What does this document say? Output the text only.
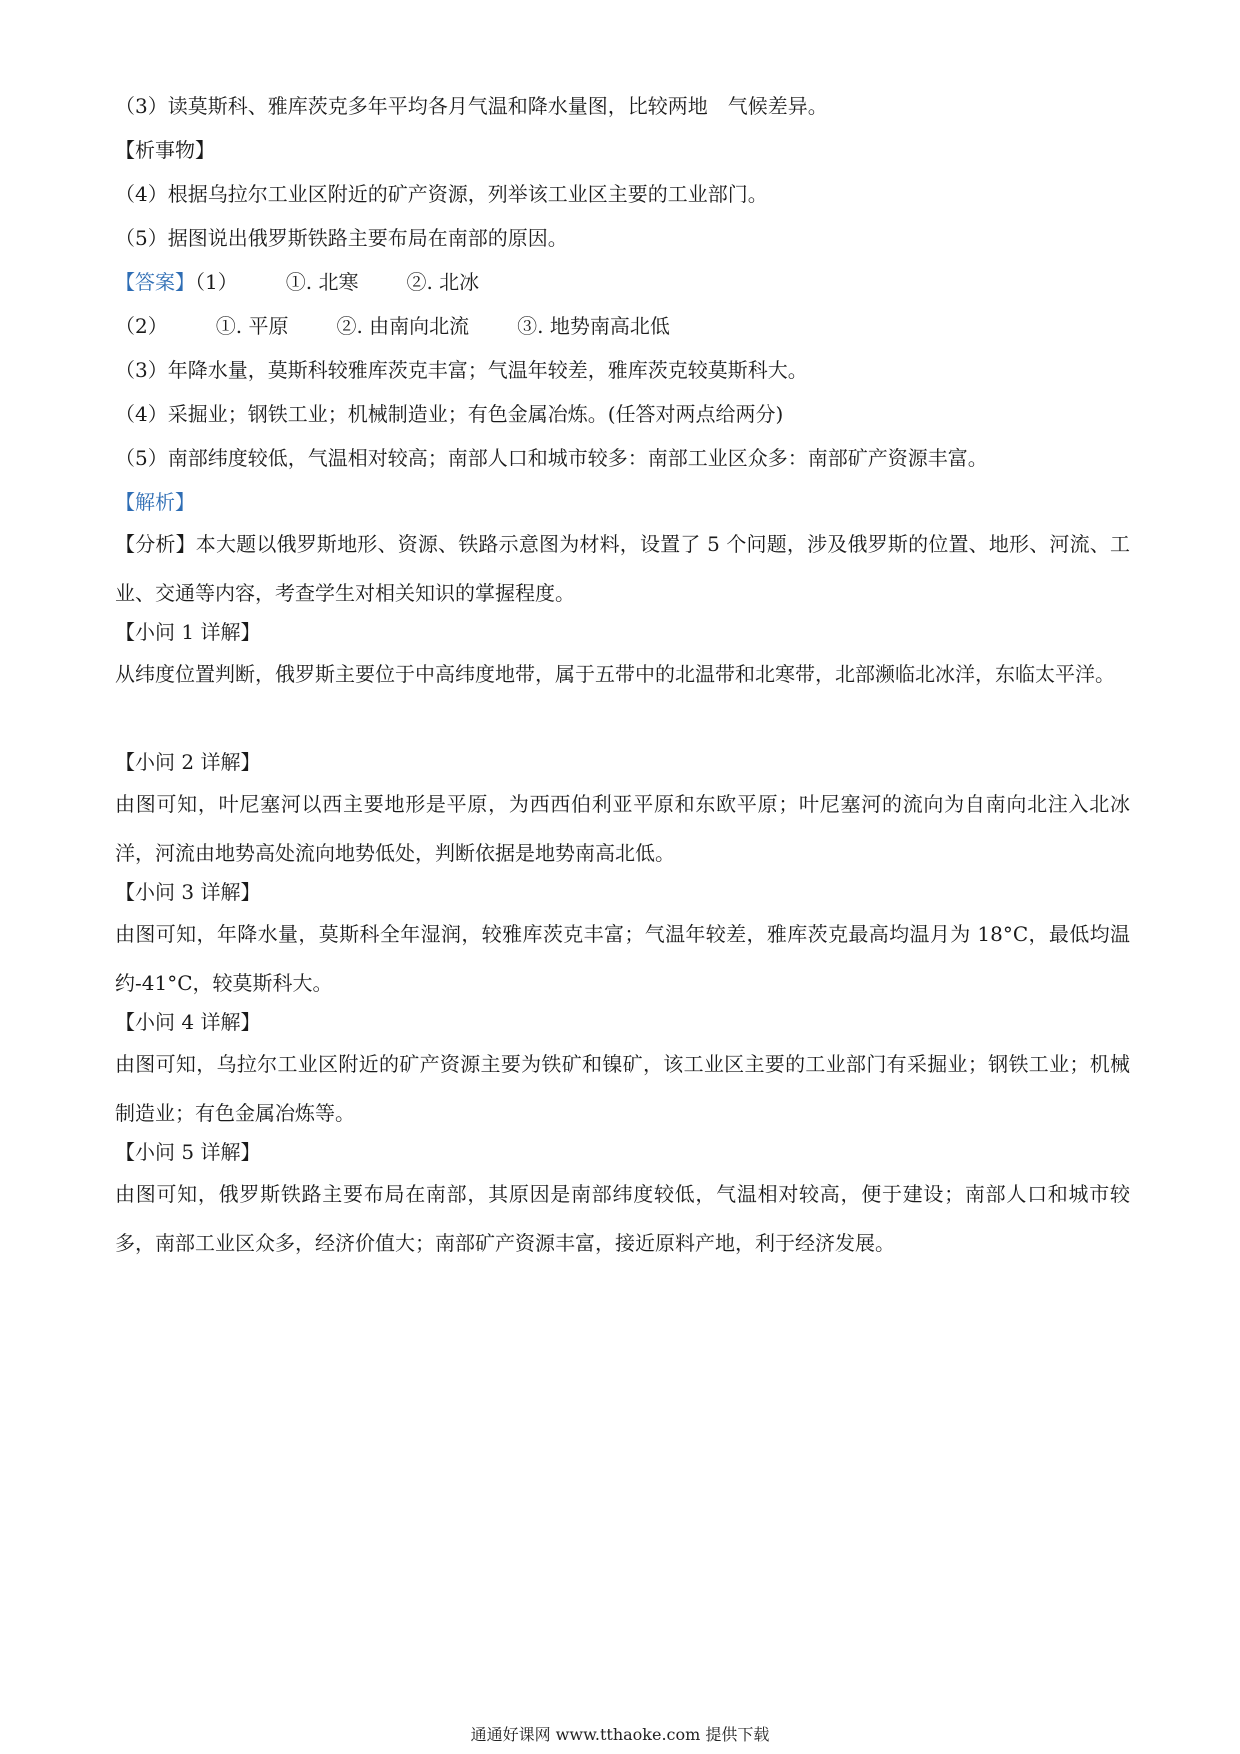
（3）读莫斯科、雅库茨克多年平均各月气温和降水量图，比较两地　气候差异。
【析事物】
（4）根据乌拉尔工业区附近的矿产资源，列举该工业区主要的工业部门。
（5）据图说出俄罗斯铁路主要布局在南部的原因。
【答案】（1） ①. 北寒 ②. 北冰
（2） ①. 平原 ②. 由南向北流 ③. 地势南高北低
（3）年降水量，莫斯科较雅库茨克丰富；气温年较差，雅库茨克较莫斯科大。
（4）采掘业；钢铁工业；机械制造业；有色金属冶炼。(任答对两点给两分)
（5）南部纬度较低，气温相对较高；南部人口和城市较多：南部工业区众多：南部矿产资源丰富。
【解析】
【分析】本大题以俄罗斯地形、资源、铁路示意图为材料，设置了 5 个问题，涉及俄罗斯的位置、地形、河流、工业、交通等内容，考查学生对相关知识的掌握程度。
【小问 1 详解】
从纬度位置判断，俄罗斯主要位于中高纬度地带，属于五带中的北温带和北寒带，北部濒临北冰洋，东临太平洋。
【小问 2 详解】
由图可知，叶尼塞河以西主要地形是平原，为西西伯利亚平原和东欧平原；叶尼塞河的流向为自南向北注入北冰洋，河流由地势高处流向地势低处，判断依据是地势南高北低。
【小问 3 详解】
由图可知，年降水量，莫斯科全年湿润，较雅库茨克丰富；气温年较差，雅库茨克最高均温月为 18°C，最低均温约-41°C，较莫斯科大。
【小问 4 详解】
由图可知，乌拉尔工业区附近的矿产资源主要为铁矿和镍矿，该工业区主要的工业部门有采掘业；钢铁工业；机械制造业；有色金属冶炼等。
【小问 5 详解】
由图可知，俄罗斯铁路主要布局在南部，其原因是南部纬度较低，气温相对较高，便于建设；南部人口和城市较多，南部工业区众多，经济价值大；南部矿产资源丰富，接近原料产地，利于经济发展。
通通好课网 www.tthaoke.com 提供下载
